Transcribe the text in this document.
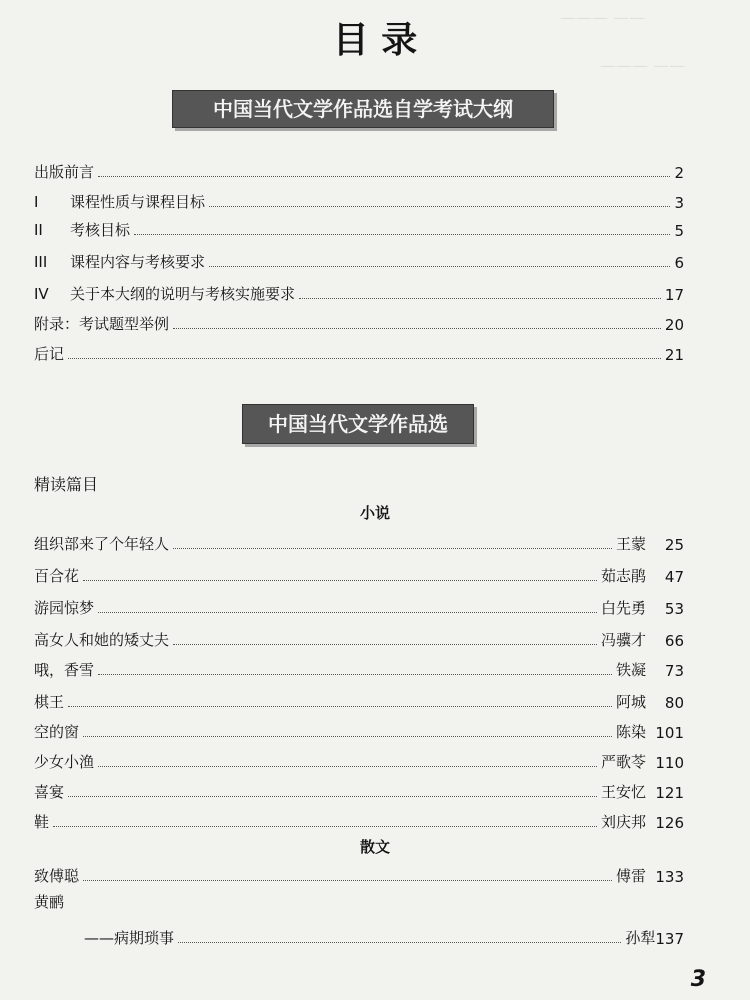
——— ——
——— ——
目 录
中国当代文学作品选自学考试大纲
出版前言	2
I 课程性质与课程目标	3
II 考核目标	5
III 课程内容与考核要求	6
IV 关于本大纲的说明与考核实施要求	17
附录：考试题型举例	20
后记	21
中国当代文学作品选
精读篇目
小说
组织部来了个年轻人	王蒙	25
百合花	茹志鹃	47
游园惊梦	白先勇	53
高女人和她的矮丈夫	冯骥才	66
哦，香雪	铁凝	73
棋王	阿城	80
空的窗	陈染 101
少女小渔	严歌苓 110
喜宴	王安忆 121
鞋	刘庆邦 126
散文
致傅聪	傅雷 133
黄鹂
——病期琐事	孙犁 137
3
